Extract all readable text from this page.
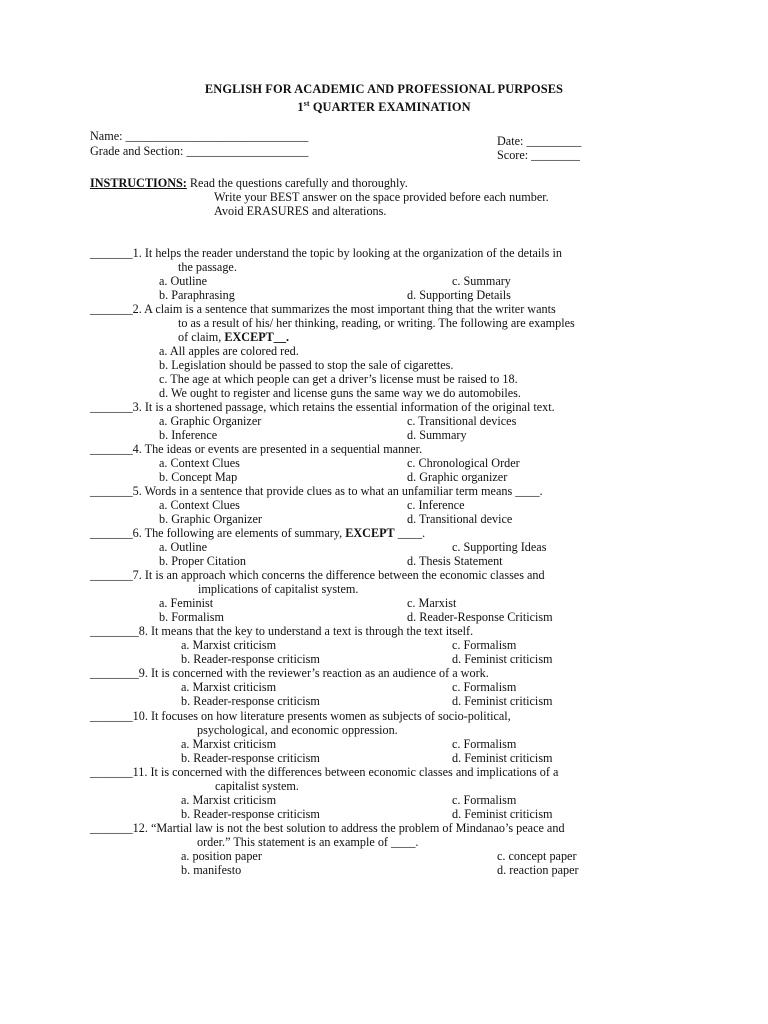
ENGLISH FOR ACADEMIC AND PROFESSIONAL PURPOSES
1st QUARTER EXAMINATION
Name: ______________________________
Grade and Section: ____________________
Date: _________
Score: ________
INSTRUCTIONS: Read the questions carefully and thoroughly.
Write your BEST answer on the space provided before each number.
Avoid ERASURES and alterations.
_______1. It helps the reader understand the topic by looking at the organization of the details in
the passage.
a. Outline
b. Paraphrasing
c. Summary
d. Supporting Details
_______2. A claim is a sentence that summarizes the most important thing that the writer wants
to as a result of his/ her thinking, reading, or writing. The following are examples
of claim, EXCEPT__.
a. All apples are colored red.
b. Legislation should be passed to stop the sale of cigarettes.
c. The age at which people can get a driver’s license must be raised to 18.
d. We ought to register and license guns the same way we do automobiles.
_______3. It is a shortened passage, which retains the essential information of the original text.
a. Graphic Organizer
b. Inference
c. Transitional devices
d. Summary
_______4. The ideas or events are presented in a sequential manner.
a. Context Clues
b. Concept Map
c. Chronological Order
d. Graphic organizer
_______5. Words in a sentence that provide clues as to what an unfamiliar term means ____.
a. Context Clues
b. Graphic Organizer
c. Inference
d. Transitional device
_______6. The following are elements of summary, EXCEPT ____.
a. Outline
b. Proper Citation
c. Supporting Ideas
d. Thesis Statement
_______7. It is an approach which concerns the difference between the economic classes and
implications of capitalist system.
a. Feminist
b. Formalism
c. Marxist
d. Reader-Response Criticism
________8. It means that the key to understand a text is through the text itself.
a. Marxist criticism
b. Reader-response criticism
c. Formalism
d. Feminist criticism
________9. It is concerned with the reviewer’s reaction as an audience of a work.
a. Marxist criticism
b. Reader-response criticism
c. Formalism
d. Feminist criticism
_______10. It focuses on how literature presents women as subjects of socio-political,
psychological, and economic oppression.
a. Marxist criticism
b. Reader-response criticism
c. Formalism
d. Feminist criticism
_______11. It is concerned with the differences between economic classes and implications of a
capitalist system.
a. Marxist criticism
b. Reader-response criticism
c. Formalism
d. Feminist criticism
_______12. “Martial law is not the best solution to address the problem of Mindanao’s peace and
order.” This statement is an example of ____.
a. position paper
b. manifesto
c. concept paper
d. reaction paper
